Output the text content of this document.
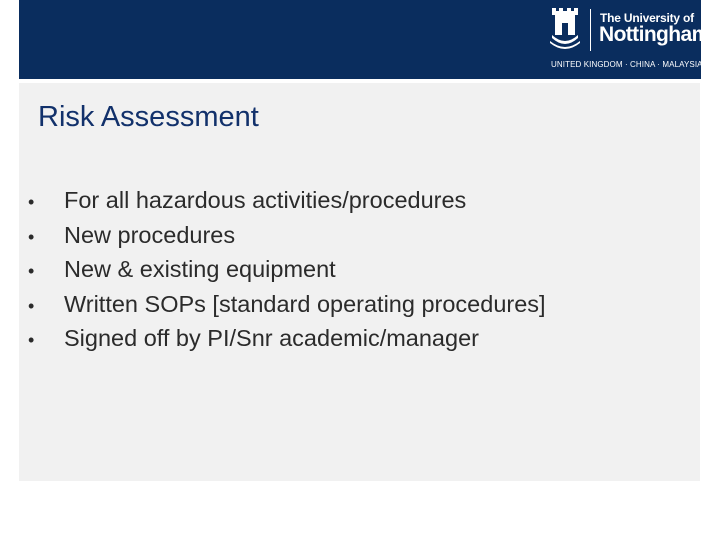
The University of
Nottingham
UNITED KINGDOM · CHINA · MALAYSIA
Risk Assessment
•	For all hazardous activities/procedures
•	New procedures
•	New & existing equipment
•	Written SOPs [standard operating procedures]
•	Signed off by PI/Snr academic/manager
